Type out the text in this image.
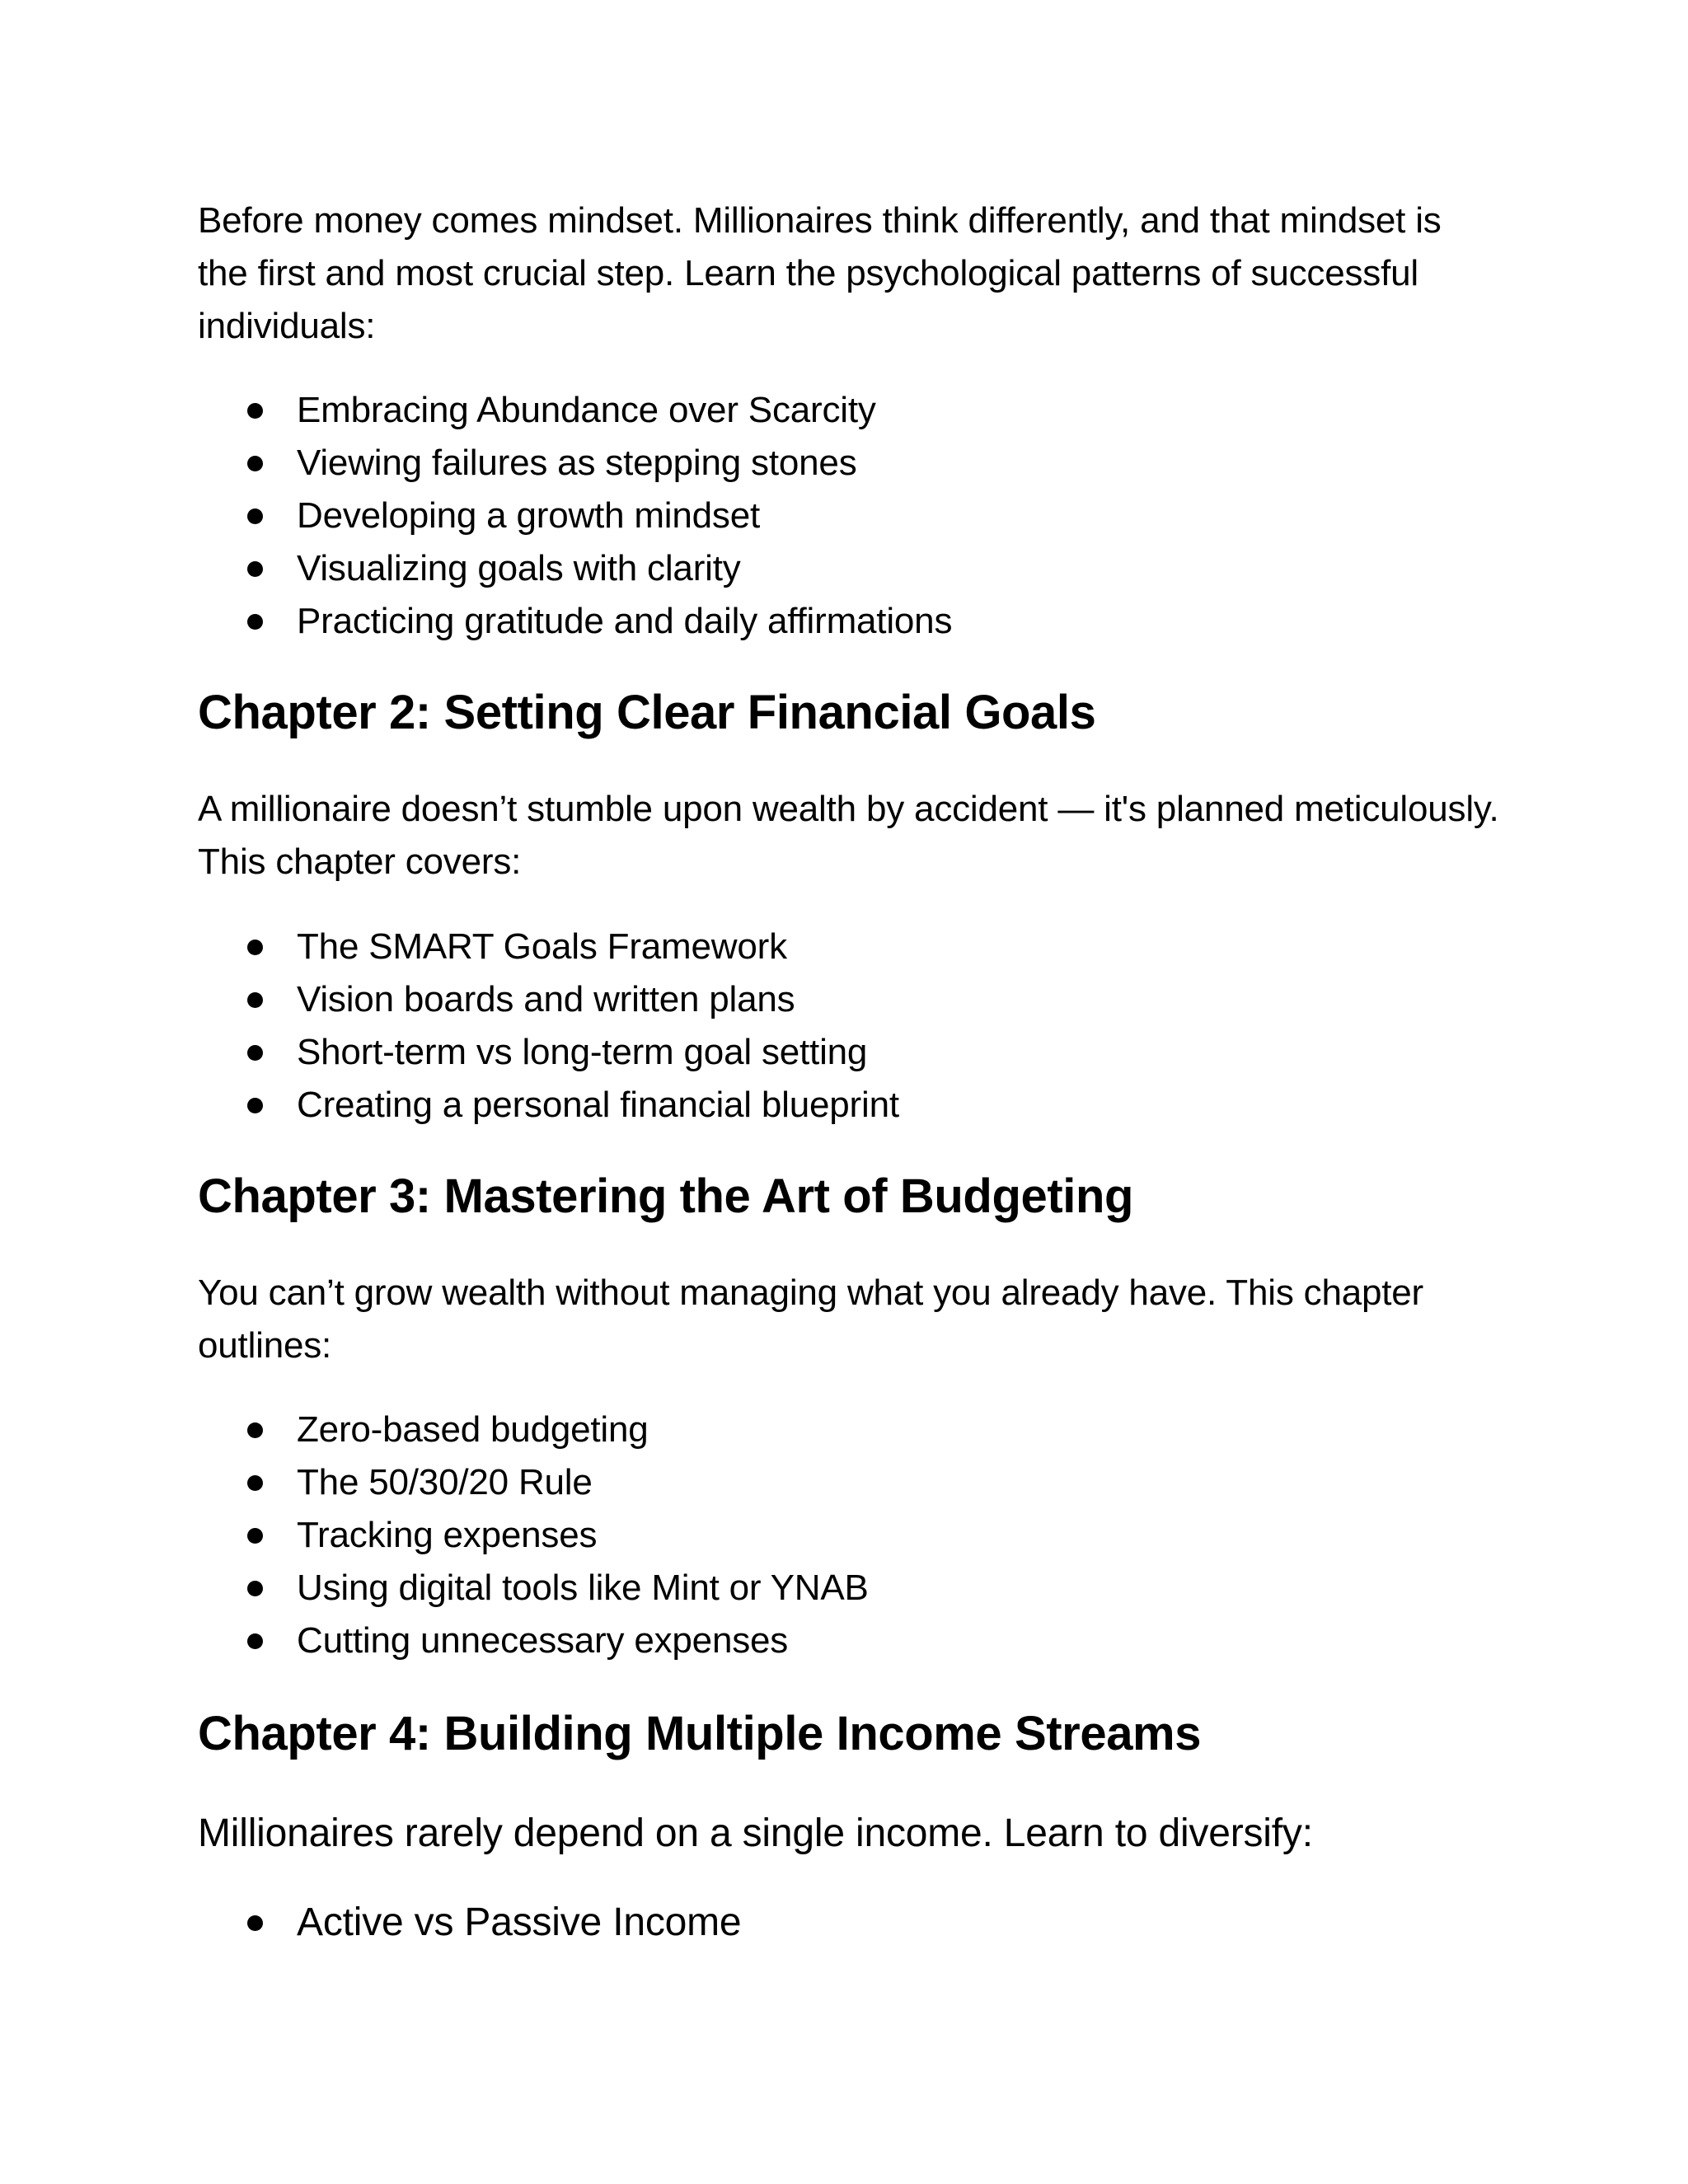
Before money comes mindset. Millionaires think differently, and that mindset is the first and most crucial step. Learn the psychological patterns of successful individuals:

Embracing Abundance over Scarcity
Viewing failures as stepping stones
Developing a growth mindset
Visualizing goals with clarity
Practicing gratitude and daily affirmations
Chapter 2: Setting Clear Financial Goals

A millionaire doesn’t stumble upon wealth by accident — it's planned meticulously. This chapter covers:

The SMART Goals Framework
Vision boards and written plans
Short-term vs long-term goal setting
Creating a personal financial blueprint
Chapter 3: Mastering the Art of Budgeting

You can’t grow wealth without managing what you already have. This chapter outlines:

Zero-based budgeting
The 50/30/20 Rule
Tracking expenses
Using digital tools like Mint or YNAB
Cutting unnecessary expenses
Chapter 4: Building Multiple Income Streams

Millionaires rarely depend on a single income. Learn to diversify:

Active vs Passive Income
